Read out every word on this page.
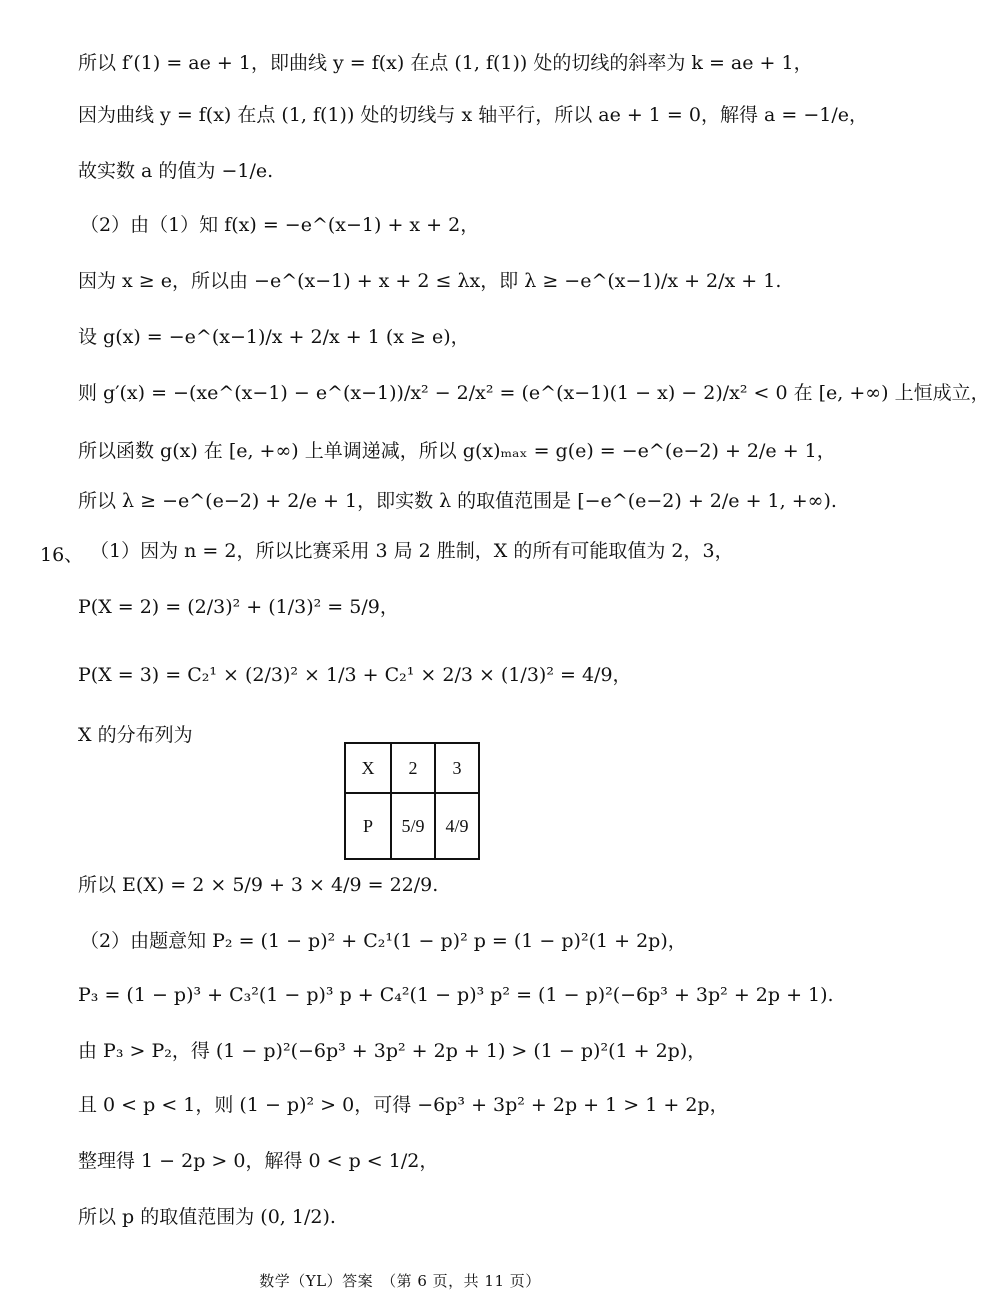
所以 f′(1) = ae + 1，即曲线 y = f(x) 在点 (1, f(1)) 处的切线的斜率为 k = ae + 1，
因为曲线 y = f(x) 在点 (1, f(1)) 处的切线与 x 轴平行，所以 ae + 1 = 0，解得 a = −1/e，
故实数 a 的值为 −1/e.
（2）由（1）知 f(x) = −e^(x−1) + x + 2，
因为 x ≥ e，所以由 −e^(x−1) + x + 2 ≤ λx，即 λ ≥ −e^(x−1)/x + 2/x + 1.
设 g(x) = −e^(x−1)/x + 2/x + 1 (x ≥ e)，
则 g′(x) = −(xe^(x−1) − e^(x−1))/x² − 2/x² = (e^(x−1)(1 − x) − 2)/x² < 0 在 [e, +∞) 上恒成立，
所以函数 g(x) 在 [e, +∞) 上单调递减，所以 g(x)ₘₐₓ = g(e) = −e^(e−2) + 2/e + 1，
所以 λ ≥ −e^(e−2) + 2/e + 1，即实数 λ 的取值范围是 [−e^(e−2) + 2/e + 1, +∞).
16、 （1）因为 n = 2，所以比赛采用 3 局 2 胜制，X 的所有可能取值为 2，3，
P(X = 2) = (2/3)² + (1/3)² = 5/9，
P(X = 3) = C₂¹ × (2/3)² × 1/3 + C₂¹ × 2/3 × (1/3)² = 4/9，
X 的分布列为
X	2	3
P	5/9	4/9
所以 E(X) = 2 × 5/9 + 3 × 4/9 = 22/9.
（2）由题意知 P₂ = (1 − p)² + C₂¹(1 − p)² p = (1 − p)²(1 + 2p)，
P₃ = (1 − p)³ + C₃²(1 − p)³ p + C₄²(1 − p)³ p² = (1 − p)²(−6p³ + 3p² + 2p + 1).
由 P₃ > P₂，得 (1 − p)²(−6p³ + 3p² + 2p + 1) > (1 − p)²(1 + 2p)，
且 0 < p < 1，则 (1 − p)² > 0，可得 −6p³ + 3p² + 2p + 1 > 1 + 2p，
整理得 1 − 2p > 0，解得 0 < p < 1/2，
所以 p 的取值范围为 (0, 1/2).
数学（YL）答案　（第 6 页，共 11 页）
